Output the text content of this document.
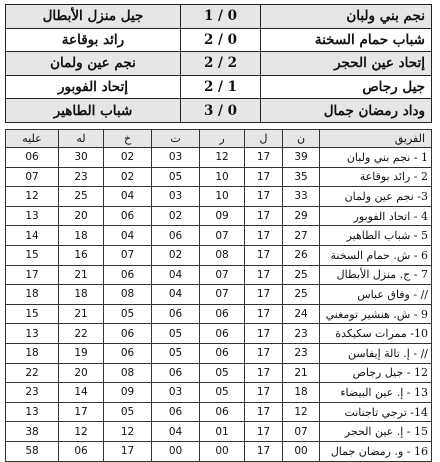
جيل منزل الأبطال	1 / 0	نجم بني ولبان
رائد بوقاعة	2 / 0	شباب حمام السخنة
نجم عين ولمان	2 / 2	إتحاد عين الحجر
إتحاد الفوبور	2 / 1	جيل رجاص
شباب الطاهير	3 / 0	وداد رمضان جمال
الفريق	ن	ل	ر	ت	خ	له	عليه
1 - نجم بني ولبان	39	17	12	03	02	30	06
2 - رائد بوقاعة	35	17	10	05	02	23	07
3- نجم عين ولمان	33	17	10	03	04	25	12
4 - اتحاد الفوبور	29	17	09	02	06	20	13
5 - شباب الطاهير	27	17	07	06	04	18	14
6 - ش. حمام السخنة	26	17	08	02	07	16	15
7 - ج. منزل الأبطال	25	17	07	04	06	21	17
// - وفاق عباس	25	17	07	04	08	18	18
9 - ش. هنشير تومغني	24	17	06	06	05	21	15
10- ممرات سكيكدة	23	17	06	05	06	22	13
// - إ. تالة إيفاسن	23	17	06	05	06	19	18
12 - جيل رجاص	21	17	05	06	08	20	22
13 - إ. عين البيضاء	18	17	05	03	09	14	23
14- ترجي تاجنانت	12	17	06	06	05	17	13
15 - إ. عين الحجر	07	17	01	04	12	12	38
16 - و. رمضان جمال	00	17	00	00	17	06	58
